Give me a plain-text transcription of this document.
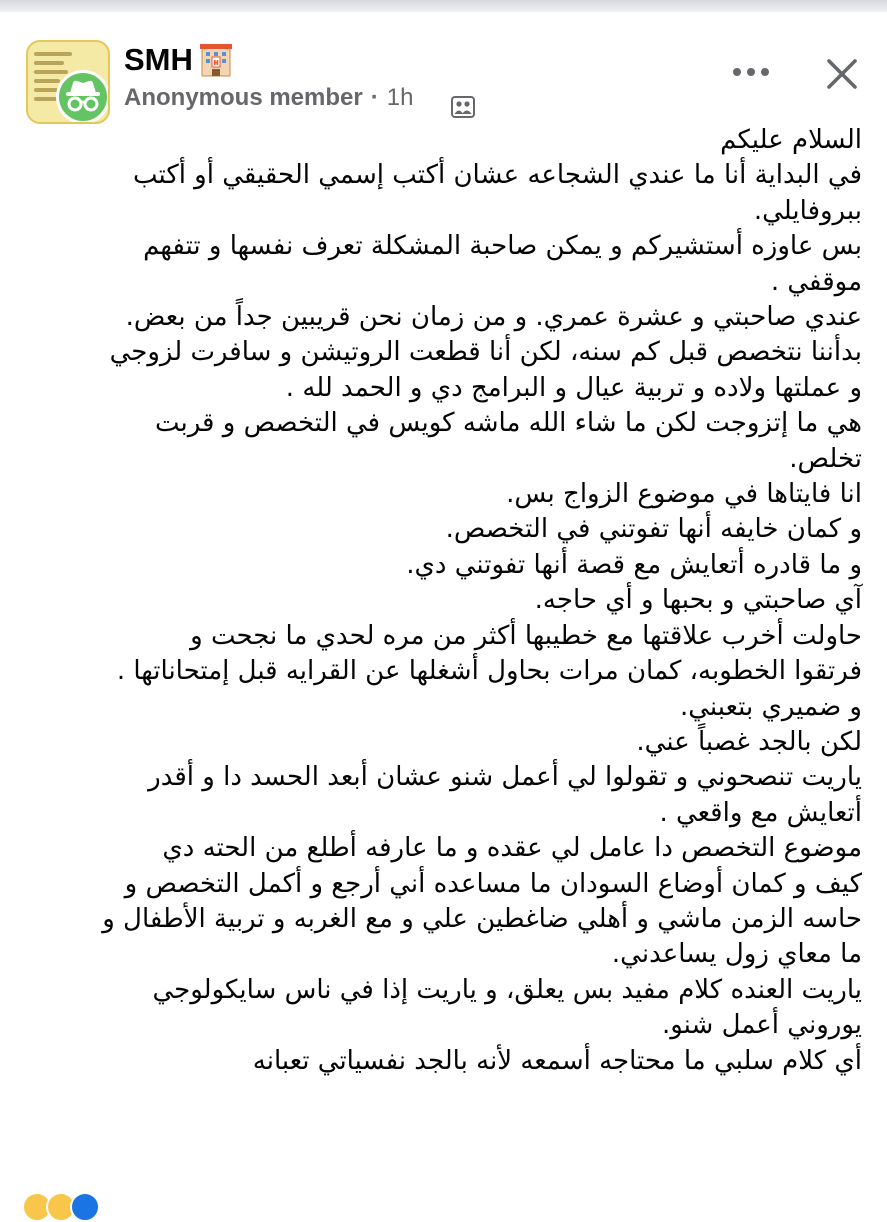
SMH
Anonymous member · 1h
السلام عليكم
في البداية أنا ما عندي الشجاعه عشان أكتب إسمي الحقيقي أو أكتب
ببروفايلي.
بس عاوزه أستشيركم و يمكن صاحبة المشكلة تعرف نفسها و تتفهم
موقفي .
عندي صاحبتي و عشرة عمري. و من زمان نحن قريبين جداً من بعض.
بدأننا نتخصص قبل كم سنه، لكن أنا قطعت الروتيشن و سافرت لزوجي
و عملتها ولاده و تربية عيال و البرامج دي و الحمد لله .
هي ما إتزوجت لكن ما شاء الله ماشه كويس في التخصص و قربت
تخلص.
انا فايتاها في موضوع الزواج بس.
و كمان خايفه أنها تفوتني في التخصص.
و ما قادره أتعايش مع قصة أنها تفوتني دي.
آي صاحبتي و بحبها و أي حاجه.
حاولت أخرب علاقتها مع خطيبها أكثر من مره لحدي ما نجحت و
فرتقوا الخطوبه، كمان مرات بحاول أشغلها عن القرايه قبل إمتحاناتها .
و ضميري بتعبني.
لكن بالجد غصباً عني.
ياريت تنصحوني و تقولوا لي أعمل شنو عشان أبعد الحسد دا و أقدر
أتعايش مع واقعي .
موضوع التخصص دا عامل لي عقده و ما عارفه أطلع من الحته دي
كيف و كمان أوضاع السودان ما مساعده أني أرجع و أكمل التخصص و
حاسه الزمن ماشي و أهلي ضاغطين علي و مع الغربه و تربية الأطفال و
ما معاي زول يساعدني.
ياريت العنده كلام مفيد بس يعلق، و ياريت إذا في ناس سايكولوجي
يوروني أعمل شنو.
أي كلام سلبي ما محتاجه أسمعه لأنه بالجد نفسياتي تعبانه
